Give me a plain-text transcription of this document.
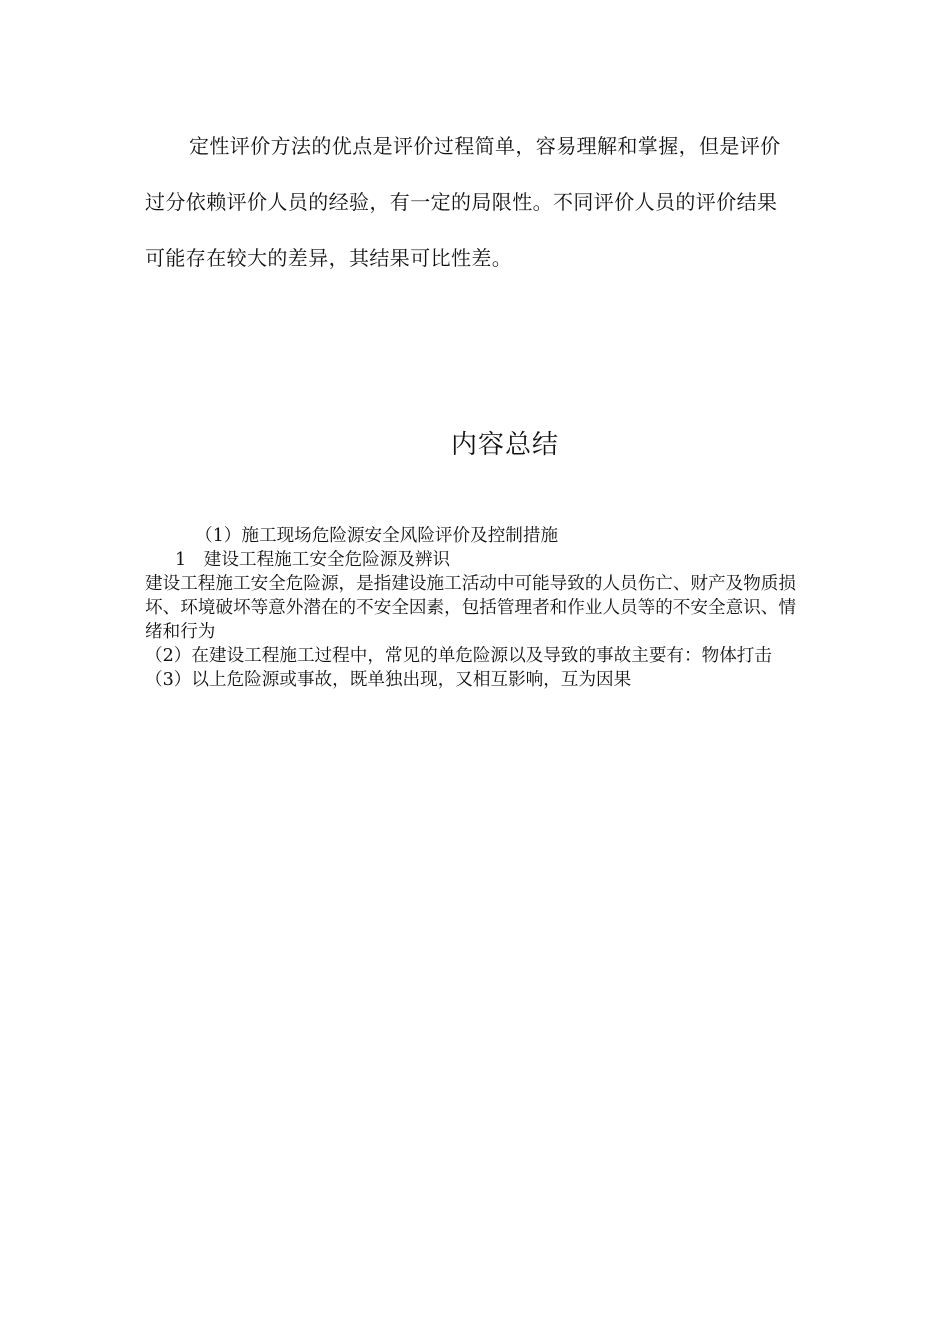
定性评价方法的优点是评价过程简单，容易理解和掌握，但是评价过分依赖评价人员的经验，有一定的局限性。不同评价人员的评价结果可能存在较大的差异，其结果可比性差。

内容总结
（1）施工现场危险源安全风险评价及控制措施
1　建设工程施工安全危险源及辨识
建设工程施工安全危险源，是指建设施工活动中可能导致的人员伤亡、财产及物质损坏、环境破坏等意外潜在的不安全因素，包括管理者和作业人员等的不安全意识、情绪和行为
（2）在建设工程施工过程中，常见的单危险源以及导致的事故主要有：物体打击
（3）以上危险源或事故，既单独出现，又相互影响，互为因果
